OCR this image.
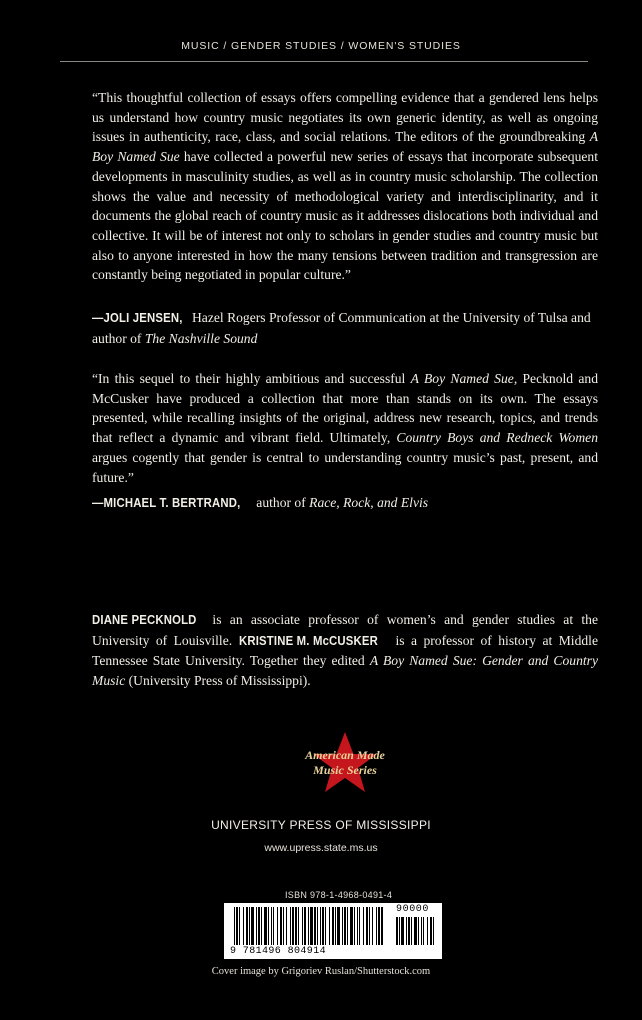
MUSIC / GENDER STUDIES / WOMEN'S STUDIES
“This thoughtful collection of essays offers compelling evidence that a gendered lens helps us understand how country music negotiates its own generic identity, as well as ongoing issues in authenticity, race, class, and social relations. The editors of the groundbreaking A Boy Named Sue have collected a powerful new series of essays that incorporate subsequent developments in masculinity studies, as well as in country music scholarship. The collection shows the value and necessity of methodological variety and interdisciplinarity, and it documents the global reach of country music as it addresses dislocations both individual and collective. It will be of interest not only to scholars in gender studies and country music but also to anyone interested in how the many tensions between tradition and transgression are constantly being negotiated in popular culture.”
—JOLI JENSEN, Hazel Rogers Professor of Communication at the University of Tulsa and author of The Nashville Sound
“In this sequel to their highly ambitious and successful A Boy Named Sue, Pecknold and McCusker have produced a collection that more than stands on its own. The essays presented, while recalling insights of the original, address new research, topics, and trends that reflect a dynamic and vibrant field. Ultimately, Country Boys and Redneck Women argues cogently that gender is central to understanding country music’s past, present, and future.”
—MICHAEL T. BERTRAND, author of Race, Rock, and Elvis
DIANE PECKNOLD is an associate professor of women’s and gender studies at the University of Louisville. KRISTINE M. McCUSKER is a professor of history at Middle Tennessee State University. Together they edited A Boy Named Sue: Gender and Country Music (University Press of Mississippi).
American Made
Music Series
UNIVERSITY PRESS OF MISSISSIPPI
www.upress.state.ms.us
ISBN 978-1-4968-0491-4
9 781496 804914
90000
Cover image by Grigoriev Ruslan/Shutterstock.com
